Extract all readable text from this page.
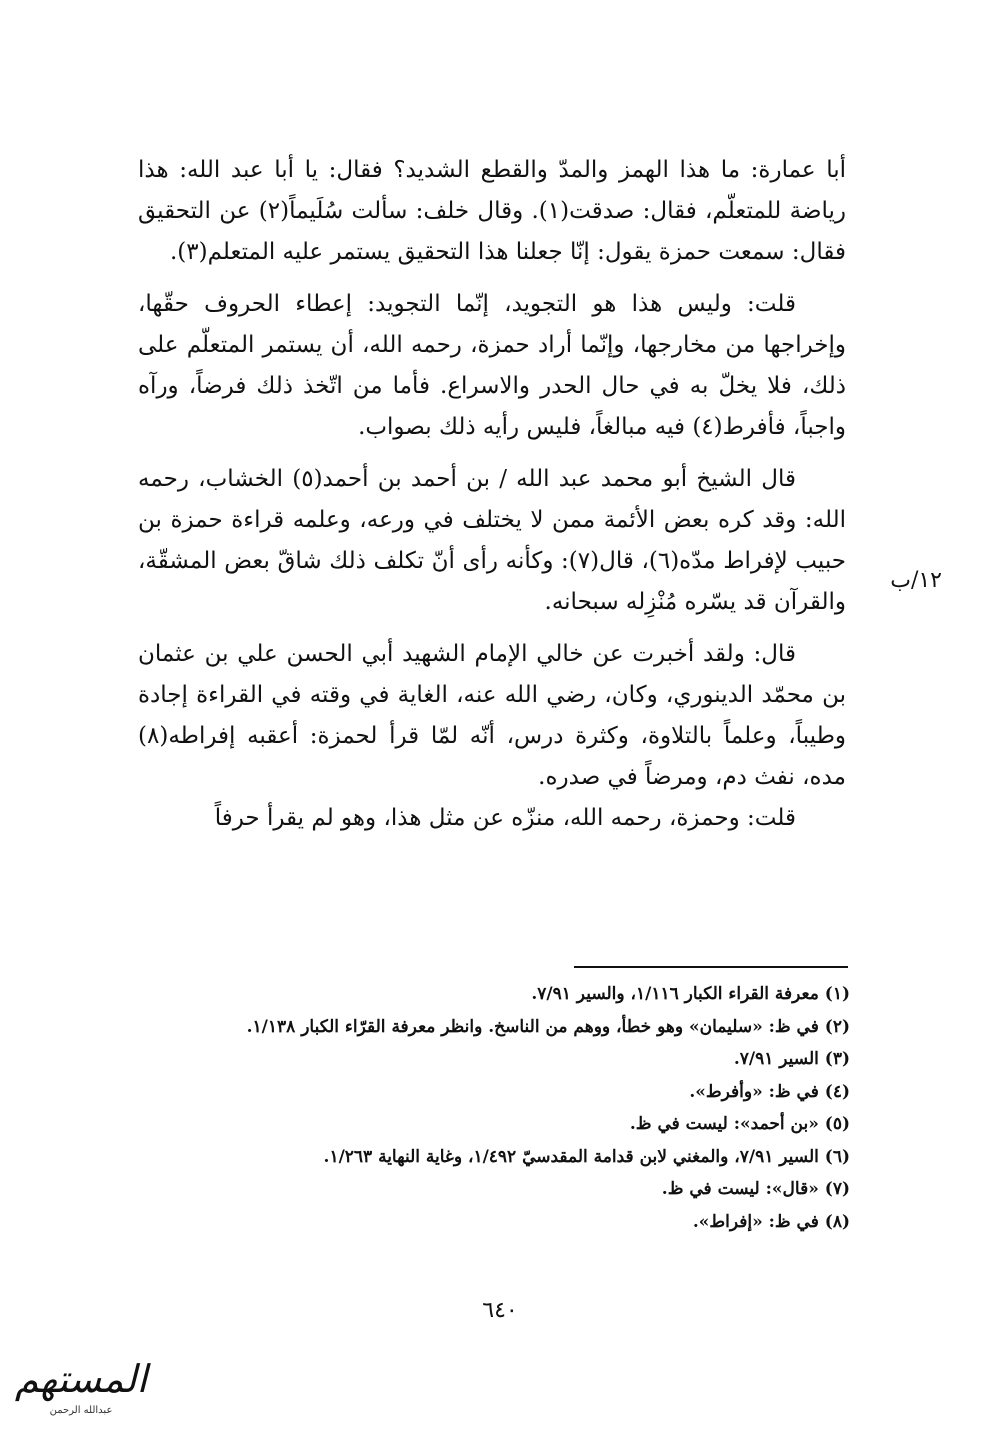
أبا عمارة: ما هذا الهمز والمدّ والقطع الشديد؟ فقال: يا أبا عبد الله: هذا رياضة للمتعلّم، فقال: صدقت(١). وقال خلف: سألت سُلَيماً(٢) عن التحقيق فقال: سمعت حمزة يقول: إنّا جعلنا هذا التحقيق يستمر عليه المتعلم(٣).

قلت: وليس هذا هو التجويد، إنّما التجويد: إعطاء الحروف حقّها، وإخراجها من مخارجها، وإنّما أراد حمزة، رحمه الله، أن يستمر المتعلّم على ذلك، فلا يخلّ به في حال الحدر والاسراع. فأما من اتّخذ ذلك فرضاً، ورآه واجباً، فأفرط(٤) فيه مبالغاً، فليس رأيه ذلك بصواب.

قال الشيخ أبو محمد عبد الله / بن أحمد بن أحمد(٥) الخشاب، رحمه الله: وقد كره بعض الأئمة ممن لا يختلف في ورعه، وعلمه قراءة حمزة بن حبيب لإفراط مدّه(٦)، قال(٧): وكأنه رأى أنّ تكلف ذلك شاقّ بعض المشقّة، والقرآن قد يسّره مُنْزِله سبحانه.

قال: ولقد أخبرت عن خالي الإمام الشهيد أبي الحسن علي بن عثمان بن محمّد الدينوري، وكان، رضي الله عنه، الغاية في وقته في القراءة إجادة وطيباً، وعلماً بالتلاوة، وكثرة درس، أنّه لمّا قرأ لحمزة: أعقبه إفراطه(٨) مده، نفث دم، ومرضاً في صدره.

قلت: وحمزة، رحمه الله، منزّه عن مثل هذا، وهو لم يقرأ حرفاً

١٢/ب

(١) معرفة القراء الكبار ١/١١٦، والسير ٧/٩١.

(٢) في ظ: «سليمان» وهو خطأ، ووهم من الناسخ. وانظر معرفة القرّاء الكبار ١/١٣٨.

(٣) السير ٧/٩١.

(٤) في ظ: «وأفرط».

(٥) «بن أحمد»: ليست في ظ.

(٦) السير ٧/٩١، والمغني لابن قدامة المقدسيّ ١/٤٩٢، وغاية النهاية ١/٢٦٣.

(٧) «قال»: ليست في ظ.

(٨) في ظ: «إفراط».

٦٤٠
المستهم
عبدالله الرحمن
